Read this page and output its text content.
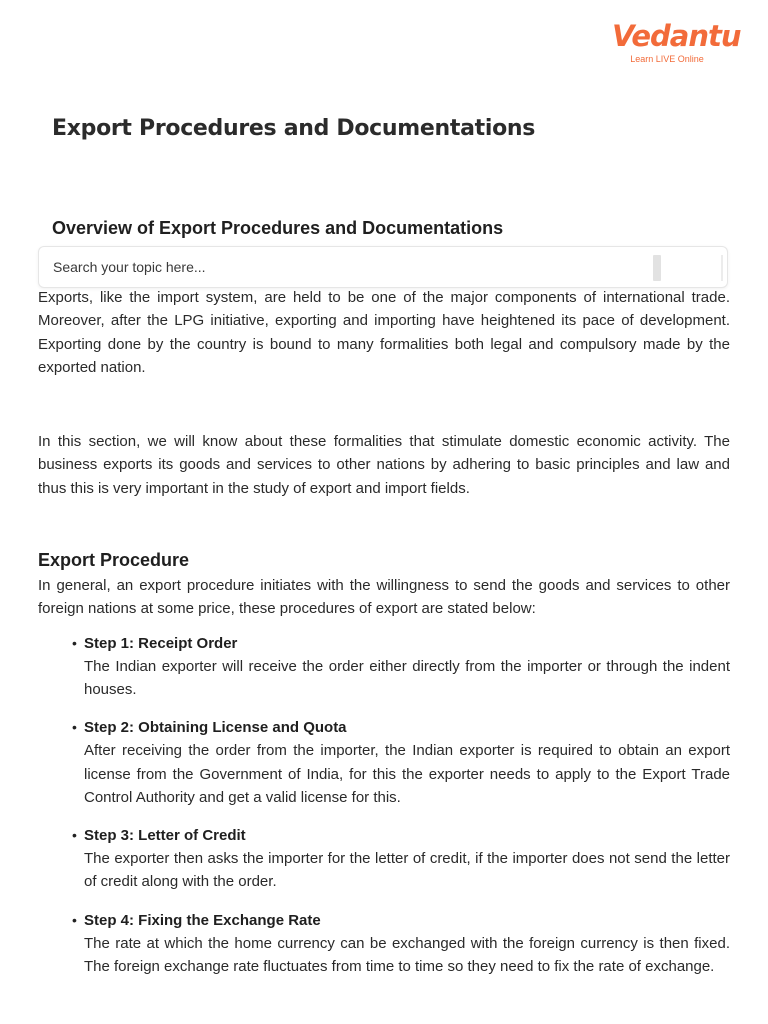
Vedantu
Learn LIVE Online
Export Procedures and Documentations
Overview of Export Procedures and Documentations
Search your topic here...

Exports, like the import system, are held to be one of the major components of international trade. Moreover, after the LPG initiative, exporting and importing have heightened its pace of development. Exporting done by the country is bound to many formalities both legal and compulsory made by the exported nation.

In this section, we will know about these formalities that stimulate domestic economic activity. The business exports its goods and services to other nations by adhering to basic principles and law and thus this is very important in the study of export and import fields.

Export Procedure

In general, an export procedure initiates with the willingness to send the goods and services to other foreign nations at some price, these procedures of export are stated below:

• Step 1: Receipt Order

The Indian exporter will receive the order either directly from the importer or through the indent houses.

• Step 2: Obtaining License and Quota

After receiving the order from the importer, the Indian exporter is required to obtain an export license from the Government of India, for this the exporter needs to apply to the Export Trade Control Authority and get a valid license for this.

• Step 3: Letter of Credit

The exporter then asks the importer for the letter of credit, if the importer does not send the letter of credit along with the order.

• Step 4: Fixing the Exchange Rate

The rate at which the home currency can be exchanged with the foreign currency is then fixed. The foreign exchange rate fluctuates from time to time so they need to fix the rate of exchange.
